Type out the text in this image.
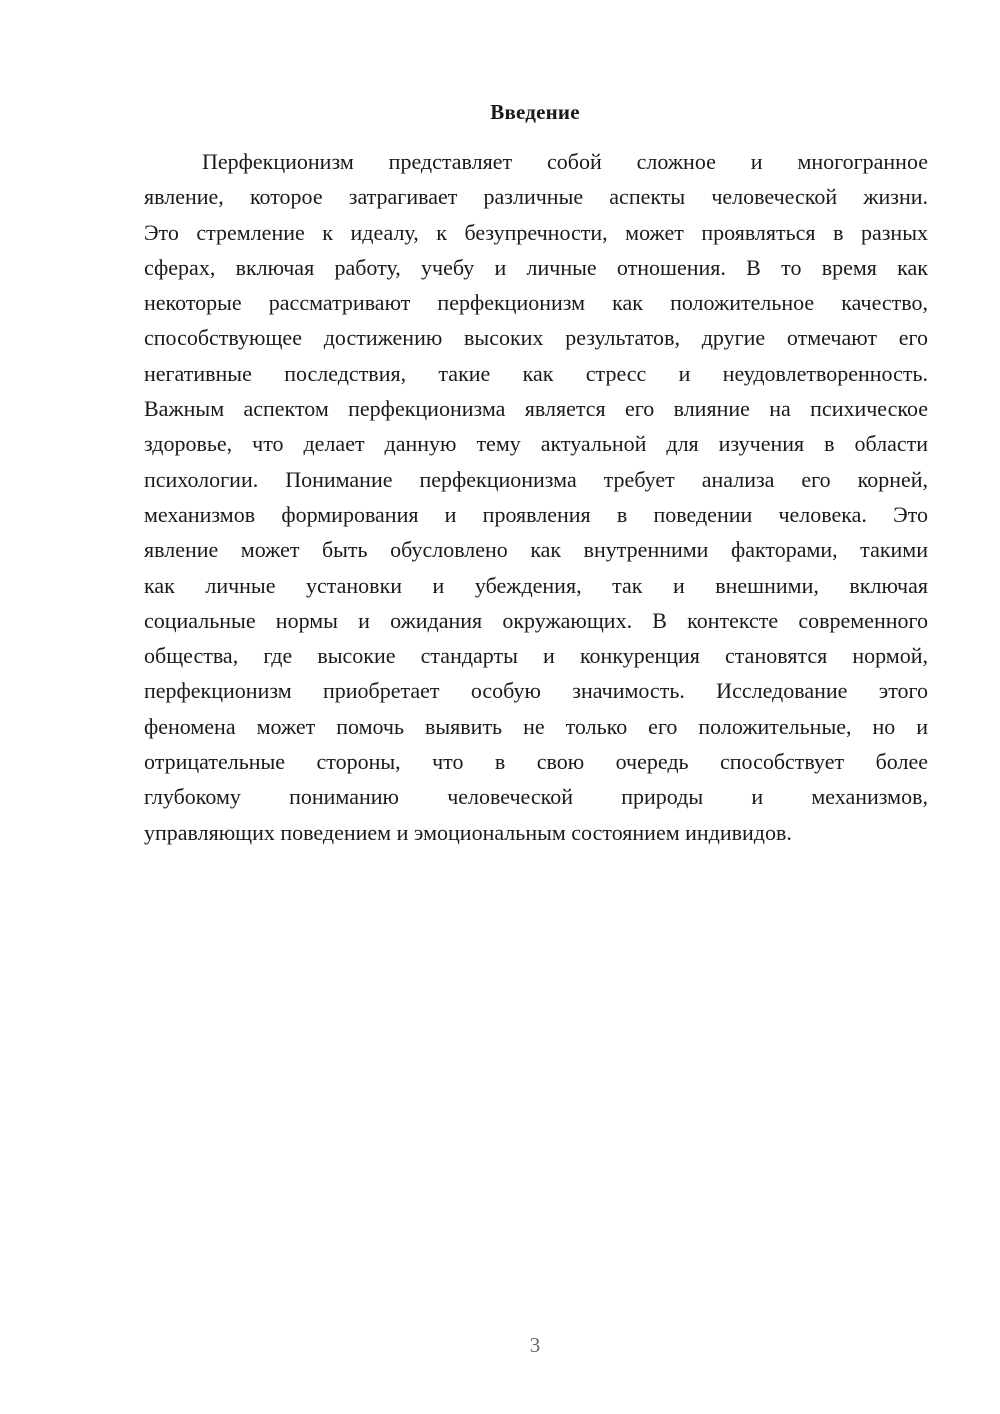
Введение
Перфекционизм представляет собой сложное и многогранное
явление, которое затрагивает различные аспекты человеческой жизни.
Это стремление к идеалу, к безупречности, может проявляться в разных
сферах, включая работу, учебу и личные отношения. В то время как
некоторые рассматривают перфекционизм как положительное качество,
способствующее достижению высоких результатов, другие отмечают его
негативные последствия, такие как стресс и неудовлетворенность.
Важным аспектом перфекционизма является его влияние на психическое
здоровье, что делает данную тему актуальной для изучения в области
психологии. Понимание перфекционизма требует анализа его корней,
механизмов формирования и проявления в поведении человека. Это
явление может быть обусловлено как внутренними факторами, такими
как личные установки и убеждения, так и внешними, включая
социальные нормы и ожидания окружающих. В контексте современного
общества, где высокие стандарты и конкуренция становятся нормой,
перфекционизм приобретает особую значимость. Исследование этого
феномена может помочь выявить не только его положительные, но и
отрицательные стороны, что в свою очередь способствует более
глубокому пониманию человеческой природы и механизмов,
управляющих поведением и эмоциональным состоянием индивидов.
3
